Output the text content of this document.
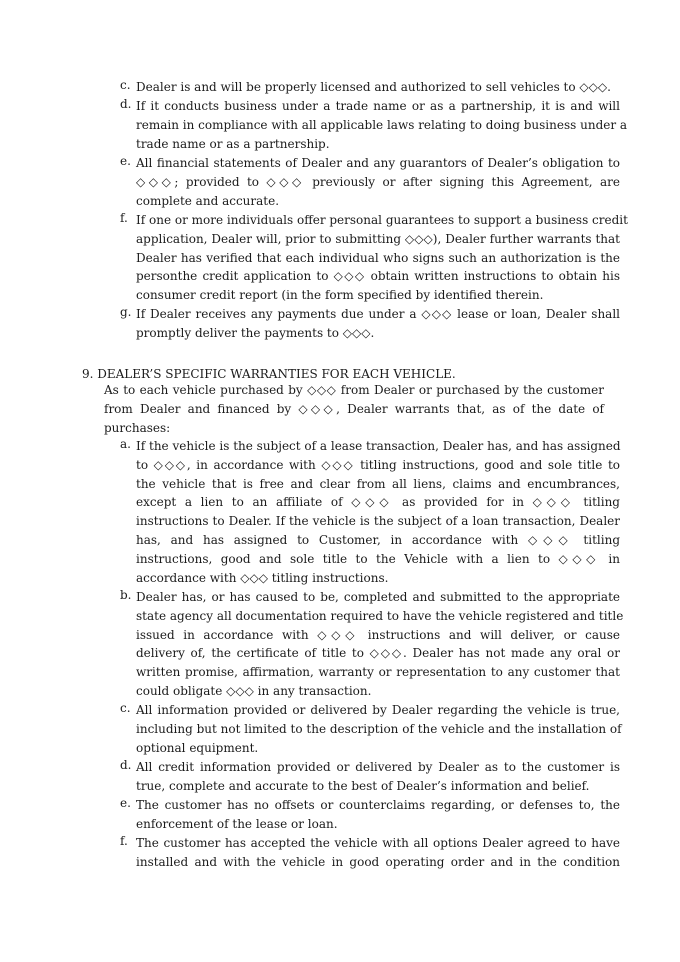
c. Dealer is and will be properly licensed and authorized to sell vehicles to ◇◇◇.
d. If it conducts business under a trade name or as a partnership, it is and will
remain in compliance with all applicable laws relating to doing business under a
trade name or as a partnership.
e. All financial statements of Dealer and any guarantors of Dealer’s obligation to
◇◇◇; provided to ◇◇◇ previously or after signing this Agreement, are
complete and accurate.
f. If one or more individuals offer personal guarantees to support a business credit
application, Dealer will, prior to submitting ◇◇◇), Dealer further warrants that
Dealer has verified that each individual who signs such an authorization is the
personthe credit application to ◇◇◇ obtain written instructions to obtain his
consumer credit report (in the form specified by identified therein.
g. If Dealer receives any payments due under a ◇◇◇ lease or loan, Dealer shall
promptly deliver the payments to ◇◇◇.
9. DEALER’S SPECIFIC WARRANTIES FOR EACH VEHICLE.
As to each vehicle purchased by ◇◇◇ from Dealer or purchased by the customer
from Dealer and financed by ◇◇◇, Dealer warrants that, as of the date of
purchases:
a. If the vehicle is the subject of a lease transaction, Dealer has, and has assigned
to ◇◇◇, in accordance with ◇◇◇ titling instructions, good and sole title to
the vehicle that is free and clear from all liens, claims and encumbrances,
except a lien to an affiliate of ◇◇◇ as provided for in ◇◇◇ titling
instructions to Dealer. If the vehicle is the subject of a loan transaction, Dealer
has, and has assigned to Customer, in accordance with ◇◇◇ titling
instructions, good and sole title to the Vehicle with a lien to ◇◇◇ in
accordance with ◇◇◇ titling instructions.
b. Dealer has, or has caused to be, completed and submitted to the appropriate
state agency all documentation required to have the vehicle registered and title
issued in accordance with ◇◇◇ instructions and will deliver, or cause
delivery of, the certificate of title to ◇◇◇. Dealer has not made any oral or
written promise, affirmation, warranty or representation to any customer that
could obligate ◇◇◇ in any transaction.
c. All information provided or delivered by Dealer regarding the vehicle is true,
including but not limited to the description of the vehicle and the installation of
optional equipment.
d. All credit information provided or delivered by Dealer as to the customer is
true, complete and accurate to the best of Dealer’s information and belief.
e. The customer has no offsets or counterclaims regarding, or defenses to, the
enforcement of the lease or loan.
f. The customer has accepted the vehicle with all options Dealer agreed to have
installed and with the vehicle in good operating order and in the condition
